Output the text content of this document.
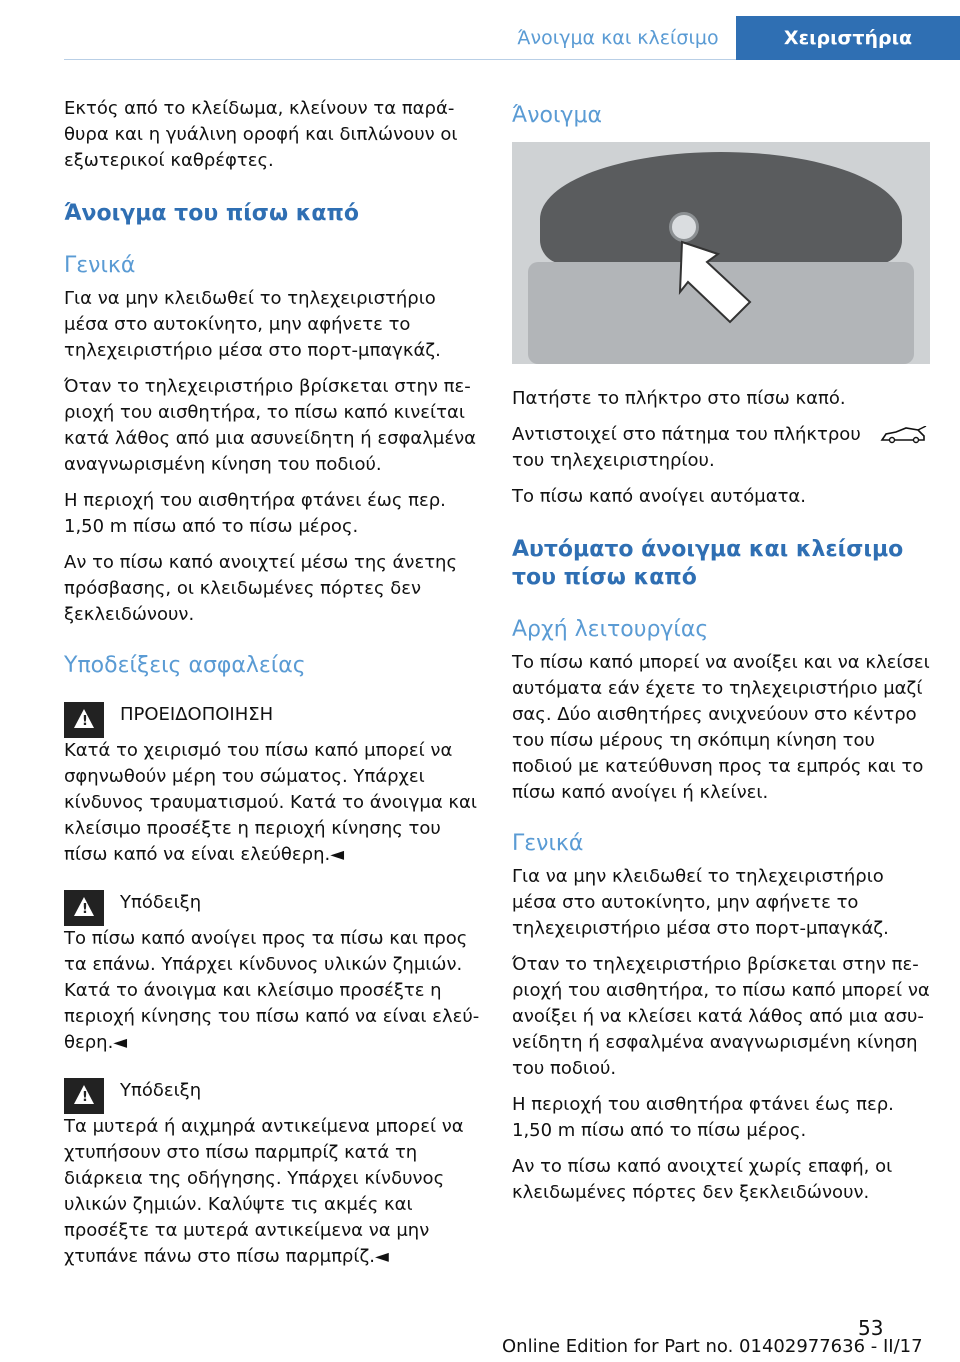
Άνοιγμα και κλείσιμο	Χειριστήρια

Εκτός από το κλείδωμα, κλείνουν τα παράθυρα και η γυάλινη οροφή και διπλώνουν οι εξωτερικοί καθρέφτες.

Άνοιγμα του πίσω καπό
Γενικά

Για να μην κλειδωθεί το τηλεχειριστήριο μέσα στο αυτοκίνητο, μην αφήνετε το τηλεχειριστήριο μέσα στο πορτ-μπαγκάζ.

Όταν το τηλεχειριστήριο βρίσκεται στην περιοχή του αισθητήρα, το πίσω καπό κινείται κατά λάθος από μια ασυνείδητη ή εσφαλμένα αναγνωρισμένη κίνηση του ποδιού.

Η περιοχή του αισθητήρα φτάνει έως περ. 1,50 m πίσω από το πίσω μέρος.

Αν το πίσω καπό ανοιχτεί μέσω της άνετης πρόσβασης, οι κλειδωμένες πόρτες δεν ξεκλειδώνουν.

Υποδείξεις ασφαλείας
! ΠΡΟΕΙΔΟΠΟΙΗΣΗ

Κατά το χειρισμό του πίσω καπό μπορεί να σφηνωθούν μέρη του σώματος. Υπάρχει κίνδυνος τραυματισμού. Κατά το άνοιγμα και κλείσιμο προσέξτε η περιοχή κίνησης του πίσω καπό να είναι ελεύθερη.◄

! Υπόδειξη

Το πίσω καπό ανοίγει προς τα πίσω και προς τα επάνω. Υπάρχει κίνδυνος υλικών ζημιών. Κατά το άνοιγμα και κλείσιμο προσέξτε η περιοχή κίνησης του πίσω καπό να είναι ελεύθερη.◄

! Υπόδειξη

Τα μυτερά ή αιχμηρά αντικείμενα μπορεί να χτυπήσουν στο πίσω παρμπρίζ κατά τη διάρκεια της οδήγησης. Υπάρχει κίνδυνος υλικών ζημιών. Καλύψτε τις ακμές και προσέξτε τα μυτερά αντικείμενα να μην χτυπάνε πάνω στο πίσω παρμπρίζ.◄

Άνοιγμα

Πατήστε το πλήκτρο στο πίσω καπό.

Αντιστοιχεί στο πάτημα του πλήκτρου
του τηλεχειριστηρίου.

Το πίσω καπό ανοίγει αυτόματα.

Αυτόματο άνοιγμα και κλείσιμο του πίσω καπό
Αρχή λειτουργίας

Το πίσω καπό μπορεί να ανοίξει και να κλείσει αυτόματα εάν έχετε το τηλεχειριστήριο μαζί σας. Δύο αισθητήρες ανιχνεύουν στο κέντρο του πίσω μέρους τη σκόπιμη κίνηση του ποδιού με κατεύθυνση προς τα εμπρός και το πίσω καπό ανοίγει ή κλείνει.

Γενικά

Για να μην κλειδωθεί το τηλεχειριστήριο μέσα στο αυτοκίνητο, μην αφήνετε το τηλεχειριστήριο μέσα στο πορτ-μπαγκάζ.

Όταν το τηλεχειριστήριο βρίσκεται στην περιοχή του αισθητήρα, το πίσω καπό μπορεί να ανοίξει ή να κλείσει κατά λάθος από μια ασυνείδητη ή εσφαλμένα αναγνωρισμένη κίνηση του ποδιού.

Η περιοχή του αισθητήρα φτάνει έως περ. 1,50 m πίσω από το πίσω μέρος.

Αν το πίσω καπό ανοιχτεί χωρίς επαφή, οι κλειδωμένες πόρτες δεν ξεκλειδώνουν.

53
Online Edition for Part no. 01402977636 - II/17
